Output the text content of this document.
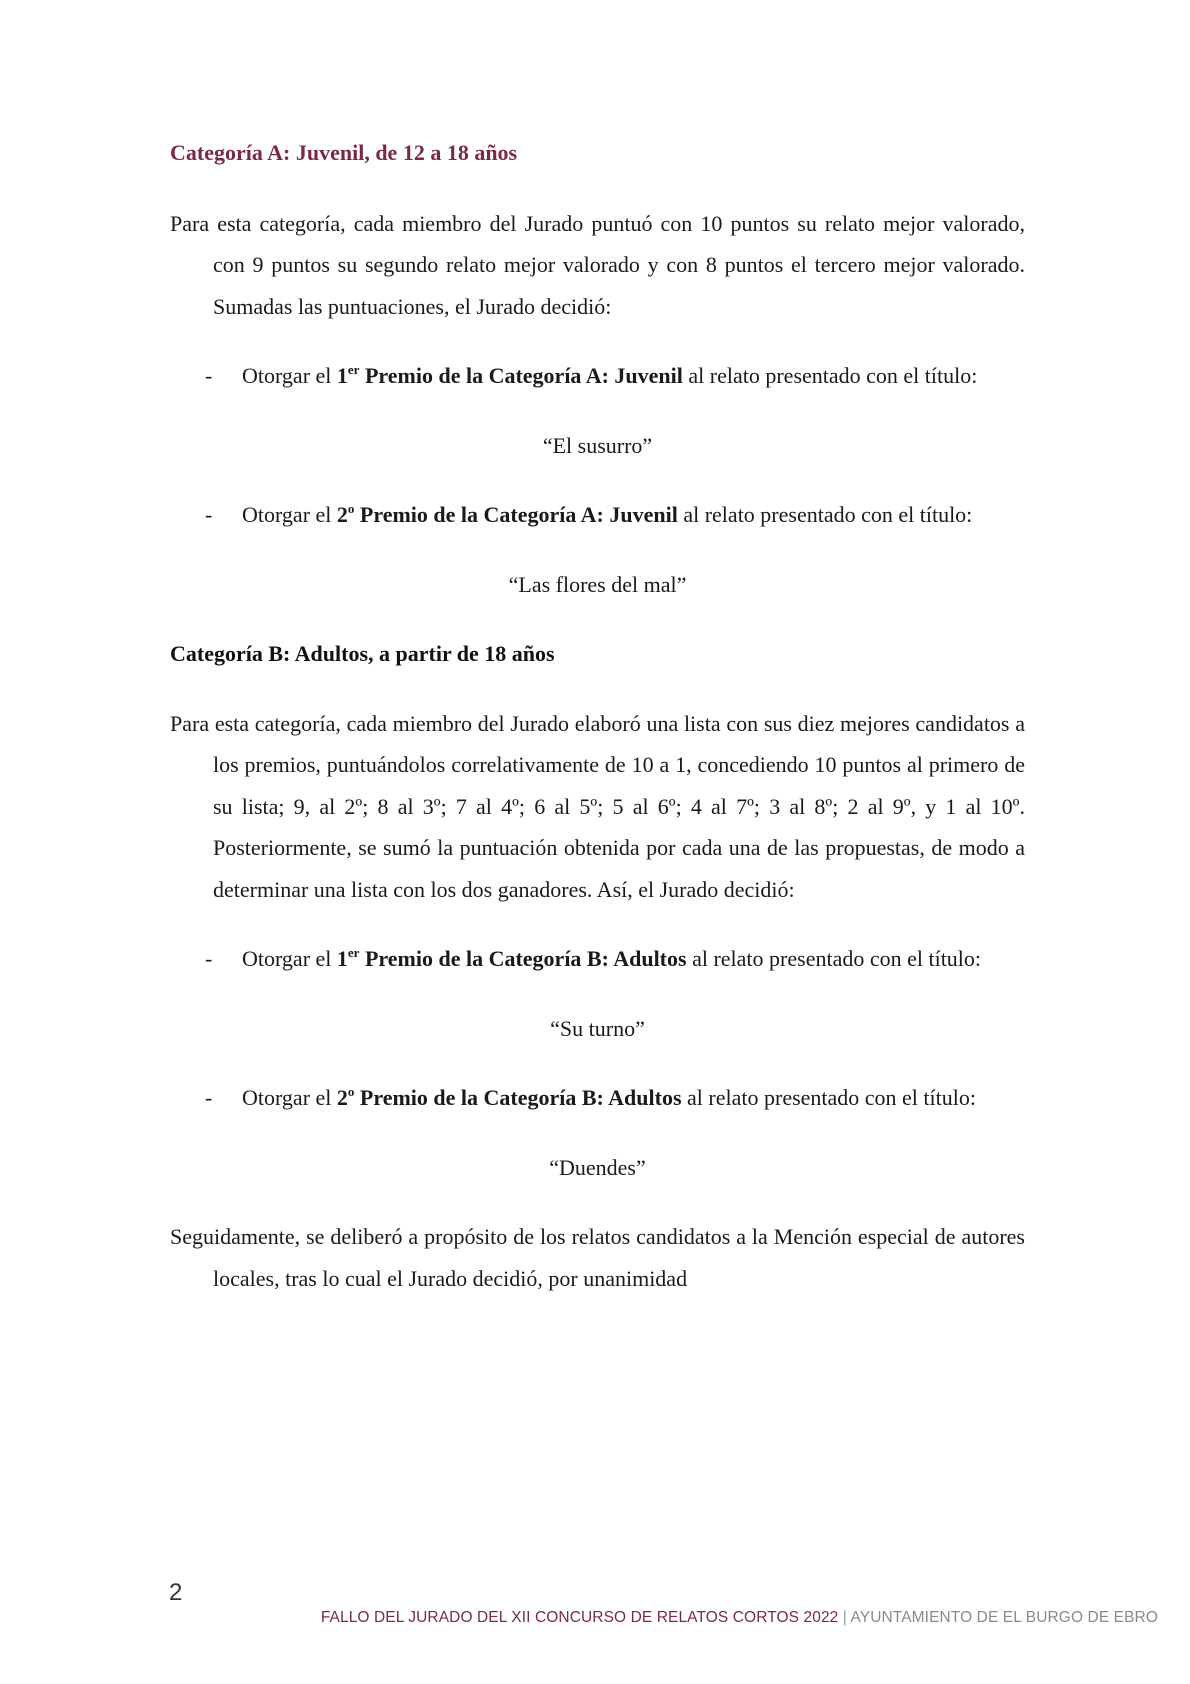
Categoría A: Juvenil, de 12 a 18 años

Para esta categoría, cada miembro del Jurado puntuó con 10 puntos su relato mejor valorado, con 9 puntos su segundo relato mejor valorado y con 8 puntos el tercero mejor valorado. Sumadas las puntuaciones, el Jurado decidió:

- Otorgar el 1er Premio de la Categoría A: Juvenil al relato presentado con el título:

“El susurro”

- Otorgar el 2$^o$ Premio de la Categoría A: Juvenil al relato presentado con el título:

“Las flores del mal”

Categoría B: Adultos, a partir de 18 años

Para esta categoría, cada miembro del Jurado elaboró una lista con sus diez mejores candidatos a los premios, puntuándolos correlativamente de 10 a 1, concediendo 10 puntos al primero de su lista; 9, al 2º; 8 al 3º; 7 al 4º; 6 al 5º; 5 al 6º; 4 al 7º; 3 al 8º; 2 al 9º, y 1 al 10º. Posteriormente, se sumó la puntuación obtenida por cada una de las propuestas, de modo a determinar una lista con los dos ganadores. Así, el Jurado decidió:

- Otorgar el 1er Premio de la Categoría B: Adultos al relato presentado con el título:

“Su turno”

- Otorgar el 2$^o$ Premio de la Categoría B: Adultos al relato presentado con el título:

“Duendes”

Seguidamente, se deliberó a propósito de los relatos candidatos a la Mención especial de autores locales, tras lo cual el Jurado decidió, por unanimidad

2
FALLO DEL JURADO DEL XII CONCURSO DE RELATOS CORTOS 2022 | AYUNTAMIENTO DE EL BURGO DE EBRO
